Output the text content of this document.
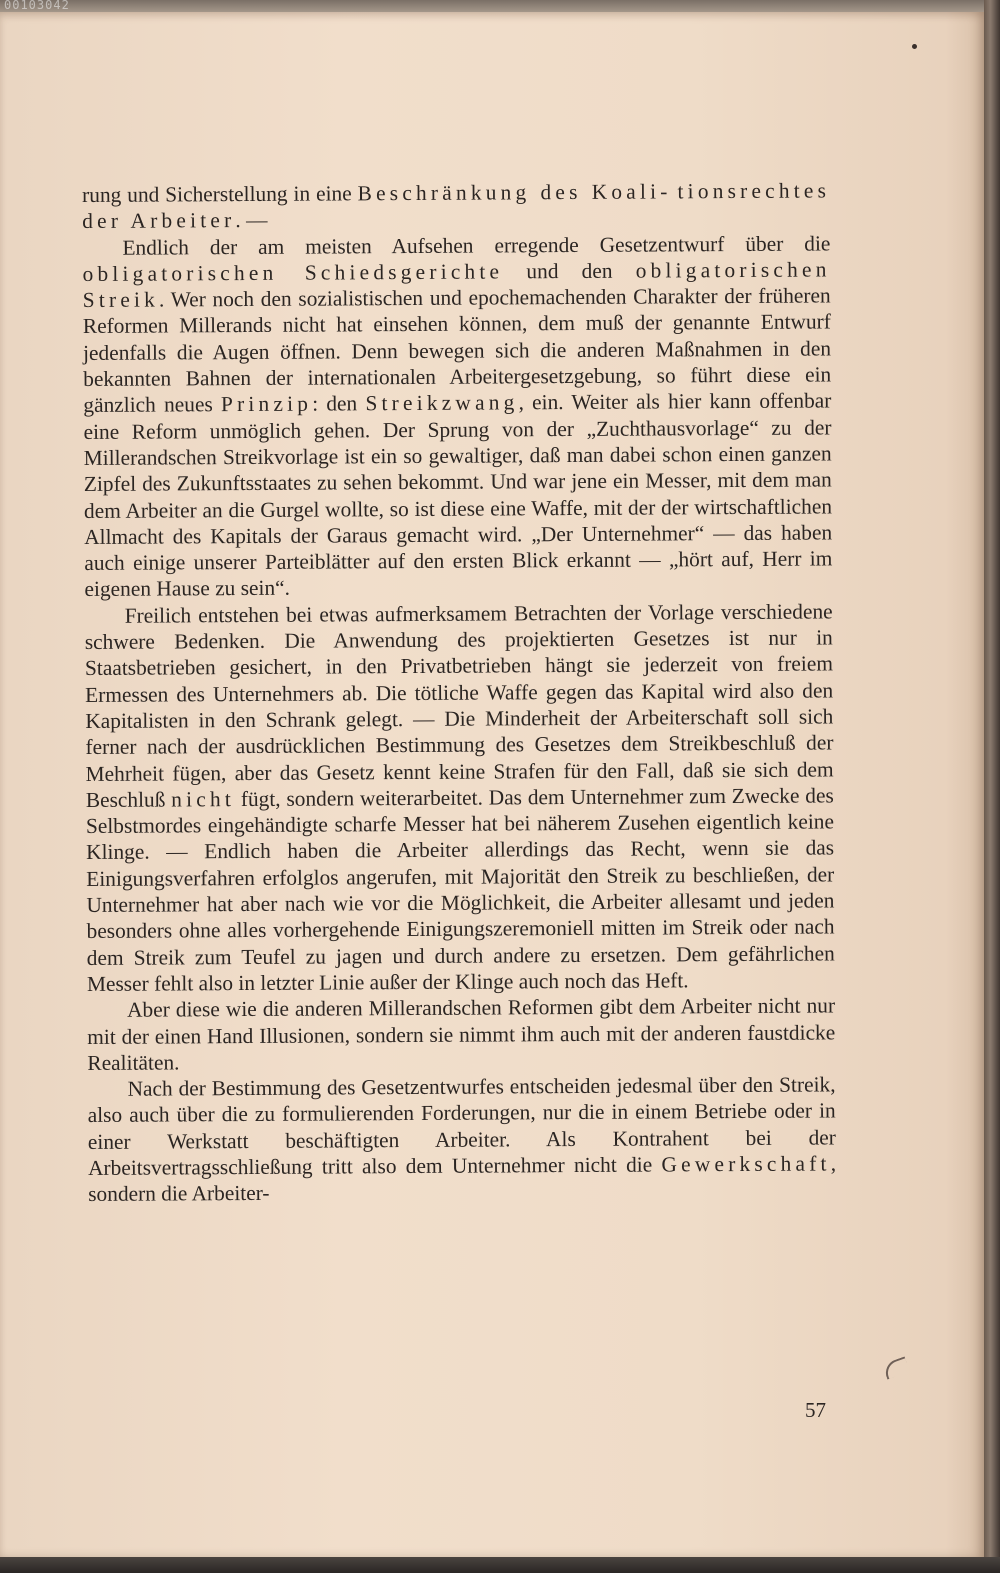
rung und Sicherstellung in eine Beschränkung des Koali- tionsrechtes der Arbeiter. —

Endlich der am meisten Aufsehen erregende Gesetzentwurf über die obligatorischen Schiedsgerichte und den obligatorischen Streik. Wer noch den sozialistischen und epochemachenden Charakter der früheren Reformen Millerands nicht hat einsehen können, dem muß der genannte Entwurf jedenfalls die Augen öffnen. Denn bewegen sich die anderen Maßnahmen in den bekannten Bahnen der internationalen Arbeitergesetzgebung, so führt diese ein gänzlich neues Prinzip: den Streikzwang, ein. Weiter als hier kann offenbar eine Reform unmöglich gehen. Der Sprung von der „Zuchthausvorlage“ zu der Millerandschen Streikvorlage ist ein so gewaltiger, daß man dabei schon einen ganzen Zipfel des Zukunftsstaates zu sehen bekommt. Und war jene ein Messer, mit dem man dem Arbeiter an die Gurgel wollte, so ist diese eine Waffe, mit der der wirtschaftlichen Allmacht des Kapitals der Garaus gemacht wird. „Der Unternehmer“ — das haben auch einige unserer Parteiblätter auf den ersten Blick erkannt — „hört auf, Herr im eigenen Hause zu sein“.

Freilich entstehen bei etwas aufmerksamem Betrachten der Vorlage verschiedene schwere Bedenken. Die Anwendung des projektierten Gesetzes ist nur in Staatsbetrieben gesichert, in den Privatbetrieben hängt sie jederzeit von freiem Ermessen des Unternehmers ab. Die tötliche Waffe gegen das Kapital wird also den Kapitalisten in den Schrank gelegt. — Die Minderheit der Arbeiterschaft soll sich ferner nach der ausdrücklichen Bestimmung des Gesetzes dem Streikbeschluß der Mehrheit fügen, aber das Gesetz kennt keine Strafen für den Fall, daß sie sich dem Beschluß nicht fügt, sondern weiterarbeitet. Das dem Unternehmer zum Zwecke des Selbstmordes eingehändigte scharfe Messer hat bei näherem Zusehen eigentlich keine Klinge. — Endlich haben die Arbeiter allerdings das Recht, wenn sie das Einigungsverfahren erfolglos angerufen, mit Majorität den Streik zu beschließen, der Unternehmer hat aber nach wie vor die Möglichkeit, die Arbeiter allesamt und jeden besonders ohne alles vorhergehende Einigungszeremoniell mitten im Streik oder nach dem Streik zum Teufel zu jagen und durch andere zu ersetzen. Dem gefährlichen Messer fehlt also in letzter Linie außer der Klinge auch noch das Heft.

Aber diese wie die anderen Millerandschen Reformen gibt dem Arbeiter nicht nur mit der einen Hand Illusionen, sondern sie nimmt ihm auch mit der anderen faustdicke Realitäten.

Nach der Bestimmung des Gesetzentwurfes entscheiden jedesmal über den Streik, also auch über die zu formulierenden Forderungen, nur die in einem Betriebe oder in einer Werkstatt beschäftigten Arbeiter. Als Kontrahent bei der Arbeitsvertragsschließung tritt also dem Unternehmer nicht die Gewerkschaft, sondern die Arbeiter-

57
00103042
